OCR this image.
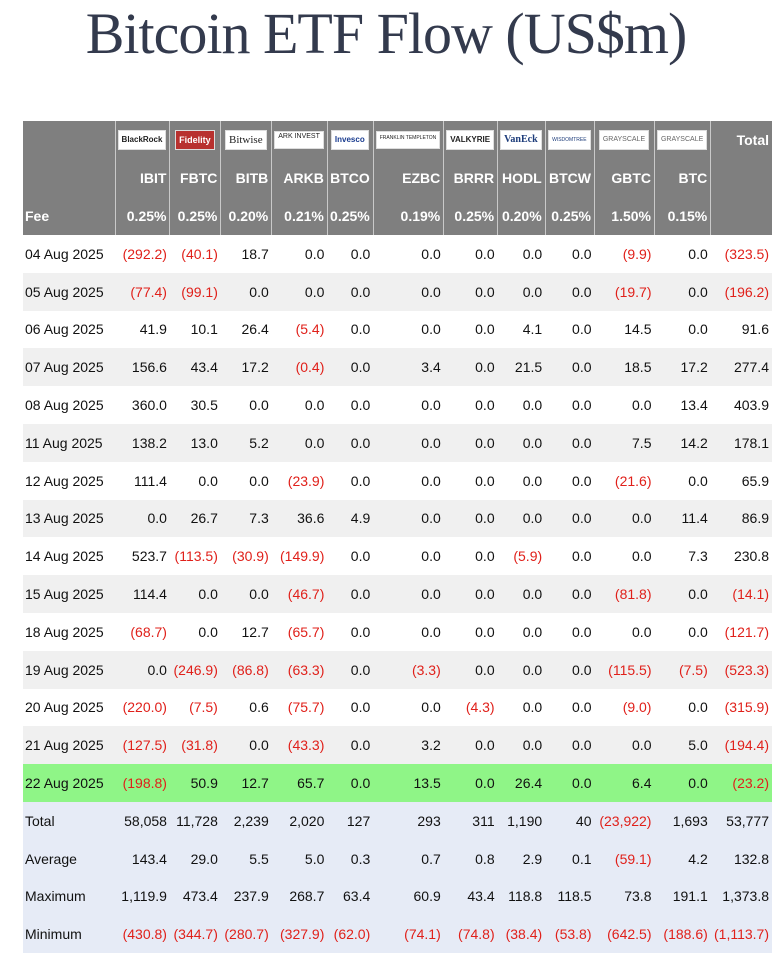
Bitcoin ETF Flow (US$m)
	BlackRock	Fidelity	Bitwise	ARK INVEST	Invesco	FRANKLIN TEMPLETON	VALKYRIE	VanEck	WISDOMTREE	GRAYSCALE	GRAYSCALE	Total
	IBIT	FBTC	BITB	ARKB	BTCO	EZBC	BRRR	HODL	BTCW	GBTC	BTC	
Fee	0.25%	0.25%	0.20%	0.21%	0.25%	0.19%	0.25%	0.20%	0.25%	1.50%	0.15%	
04 Aug 2025	(292.2)	(40.1)	18.7	0.0	0.0	0.0	0.0	0.0	0.0	(9.9)	0.0	(323.5)
05 Aug 2025	(77.4)	(99.1)	0.0	0.0	0.0	0.0	0.0	0.0	0.0	(19.7)	0.0	(196.2)
06 Aug 2025	41.9	10.1	26.4	(5.4)	0.0	0.0	0.0	4.1	0.0	14.5	0.0	91.6
07 Aug 2025	156.6	43.4	17.2	(0.4)	0.0	3.4	0.0	21.5	0.0	18.5	17.2	277.4
08 Aug 2025	360.0	30.5	0.0	0.0	0.0	0.0	0.0	0.0	0.0	0.0	13.4	403.9
11 Aug 2025	138.2	13.0	5.2	0.0	0.0	0.0	0.0	0.0	0.0	7.5	14.2	178.1
12 Aug 2025	111.4	0.0	0.0	(23.9)	0.0	0.0	0.0	0.0	0.0	(21.6)	0.0	65.9
13 Aug 2025	0.0	26.7	7.3	36.6	4.9	0.0	0.0	0.0	0.0	0.0	11.4	86.9
14 Aug 2025	523.7	(113.5)	(30.9)	(149.9)	0.0	0.0	0.0	(5.9)	0.0	0.0	7.3	230.8
15 Aug 2025	114.4	0.0	0.0	(46.7)	0.0	0.0	0.0	0.0	0.0	(81.8)	0.0	(14.1)
18 Aug 2025	(68.7)	0.0	12.7	(65.7)	0.0	0.0	0.0	0.0	0.0	0.0	0.0	(121.7)
19 Aug 2025	0.0	(246.9)	(86.8)	(63.3)	0.0	(3.3)	0.0	0.0	0.0	(115.5)	(7.5)	(523.3)
20 Aug 2025	(220.0)	(7.5)	0.6	(75.7)	0.0	0.0	(4.3)	0.0	0.0	(9.0)	0.0	(315.9)
21 Aug 2025	(127.5)	(31.8)	0.0	(43.3)	0.0	3.2	0.0	0.0	0.0	0.0	5.0	(194.4)
22 Aug 2025	(198.8)	50.9	12.7	65.7	0.0	13.5	0.0	26.4	0.0	6.4	0.0	(23.2)
Total	58,058	11,728	2,239	2,020	127	293	311	1,190	40	(23,922)	1,693	53,777
Average	143.4	29.0	5.5	5.0	0.3	0.7	0.8	2.9	0.1	(59.1)	4.2	132.8
Maximum	1,119.9	473.4	237.9	268.7	63.4	60.9	43.4	118.8	118.5	73.8	191.1	1,373.8
Minimum	(430.8)	(344.7)	(280.7)	(327.9)	(62.0)	(74.1)	(74.8)	(38.4)	(53.8)	(642.5)	(188.6)	(1,113.7)
